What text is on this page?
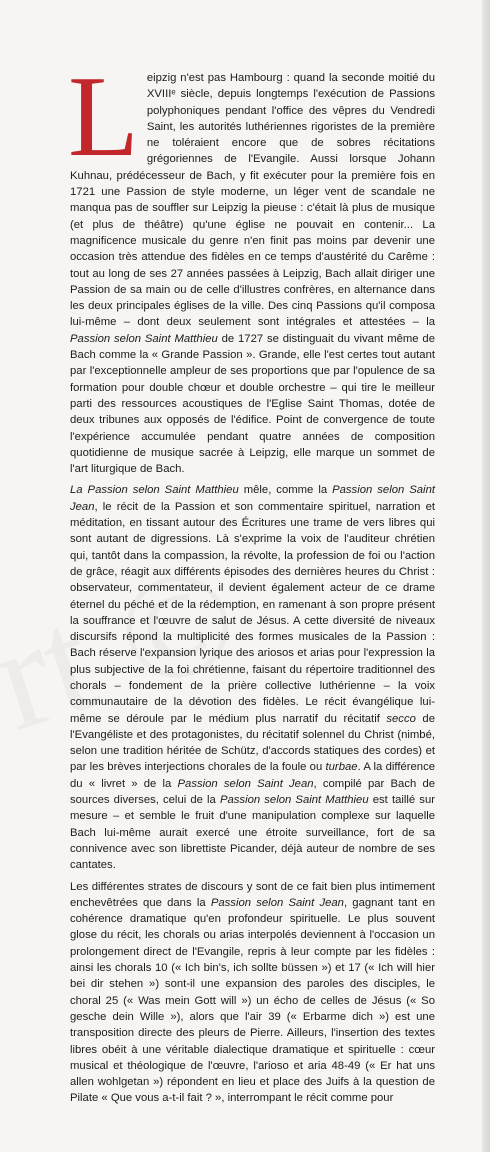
L eipzig n'est pas Hambourg : quand la seconde moitié du XVIIIᵉ siècle, depuis longtemps l'exécution de Passions polyphoniques pendant l'office des vêpres du Vendredi Saint, les autorités luthériennes rigoristes de la première ne toléraient encore que de sobres récitations grégoriennes de l'Evangile. Aussi lorsque Johann Kuhnau, prédécesseur de Bach, y fit exécuter pour la première fois en 1721 une Passion de style moderne, un léger vent de scandale ne manqua pas de souffler sur Leipzig la pieuse : c'était là plus de musique (et plus de théâtre) qu'une église ne pouvait en contenir... La magnificence musicale du genre n'en finit pas moins par devenir une occasion très attendue des fidèles en ce temps d'austérité du Carême : tout au long de ses 27 années passées à Leipzig, Bach allait diriger une Passion de sa main ou de celle d'illustres confrères, en alternance dans les deux principales églises de la ville. Des cinq Passions qu'il composa lui-même – dont deux seulement sont intégrales et attestées – la Passion selon Saint Matthieu de 1727 se distinguait du vivant même de Bach comme la « Grande Passion ». Grande, elle l'est certes tout autant par l'exceptionnelle ampleur de ses proportions que par l'opulence de sa formation pour double chœur et double orchestre – qui tire le meilleur parti des ressources acoustiques de l'Eglise Saint Thomas, dotée de deux tribunes aux opposés de l'édifice. Point de convergence de toute l'expérience accumulée pendant quatre années de composition quotidienne de musique sacrée à Leipzig, elle marque un sommet de l'art liturgique de Bach.

La Passion selon Saint Matthieu mêle, comme la Passion selon Saint Jean, le récit de la Passion et son commentaire spirituel, narration et méditation, en tissant autour des Écritures une trame de vers libres qui sont autant de digressions. Là s'exprime la voix de l'auditeur chrétien qui, tantôt dans la compassion, la révolte, la profession de foi ou l'action de grâce, réagit aux différents épisodes des dernières heures du Christ : observateur, commentateur, il devient également acteur de ce drame éternel du péché et de la rédemption, en ramenant à son propre présent la souffrance et l'œuvre de salut de Jésus. A cette diversité de niveaux discursifs répond la multiplicité des formes musicales de la Passion : Bach réserve l'expansion lyrique des ariosos et arias pour l'expression la plus subjective de la foi chrétienne, faisant du répertoire traditionnel des chorals – fondement de la prière collective luthérienne – la voix communautaire de la dévotion des fidèles. Le récit évangélique lui-même se déroule par le médium plus narratif du récitatif secco de l'Evangéliste et des protagonistes, du récitatif solennel du Christ (nimbé, selon une tradition héritée de Schütz, d'accords statiques des cordes) et par les brèves interjections chorales de la foule ou turbae. A la différence du « livret » de la Passion selon Saint Jean, compilé par Bach de sources diverses, celui de la Passion selon Saint Matthieu est taillé sur mesure – et semble le fruit d'une manipulation complexe sur laquelle Bach lui-même aurait exercé une étroite surveillance, fort de sa connivence avec son librettiste Picander, déjà auteur de nombre de ses cantates.

Les différentes strates de discours y sont de ce fait bien plus intimement enchevêtrées que dans la Passion selon Saint Jean, gagnant tant en cohérence dramatique qu'en profondeur spirituelle. Le plus souvent glose du récit, les chorals ou arias interpolés deviennent à l'occasion un prolongement direct de l'Evangile, repris à leur compte par les fidèles : ainsi les chorals 10 (« Ich bin's, ich sollte büssen ») et 17 (« Ich will hier bei dir stehen ») sont-il une expansion des paroles des disciples, le choral 25 (« Was mein Gott will ») un écho de celles de Jésus (« So gesche dein Wille »), alors que l'air 39 (« Erbarme dich ») est une transposition directe des pleurs de Pierre. Ailleurs, l'insertion des textes libres obéit à une véritable dialectique dramatique et spirituelle : cœur musical et théologique de l'œuvre, l'arioso et aria 48-49 (« Er hat uns allen wohlgetan ») répondent en lieu et place des Juifs à la question de Pilate « Que vous a-t-il fait ? », interrompant le récit comme pour
